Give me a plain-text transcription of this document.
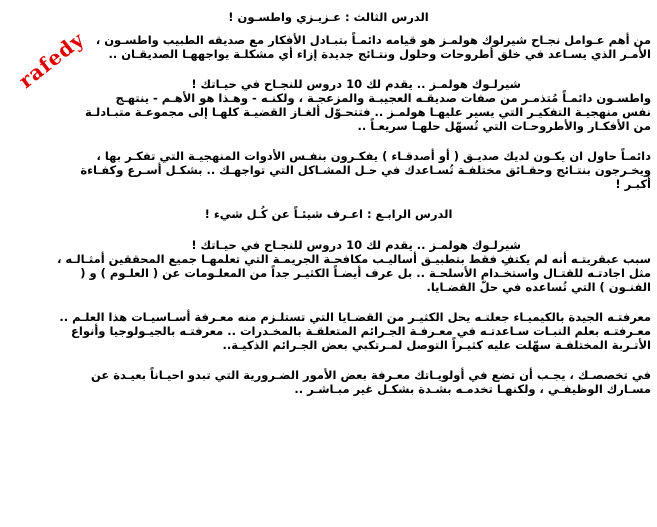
rafedy
الدرس الثالث : عـزيـزي واطسـون !
من أهم عـوامل نجـاح شيرلوك هولمـز هو قيامه دائمـاً بتبـادل الأفكار مع صديقه الطبيب واطسـون ،
الأمـر الذي يسـاعد في خلق أطروحات وحلول ونتـائج جديدة إزاء أي مشكلـة يواجههـا الصديقـان ..
شيرلـوك هولمـز .. يقدم لك 10 دروس للنجـاح في حيـاتك !
واطسـون دائمـاً مُتذمـر من صفات صديقـه العجيبـة والمزعجـة ، ولكنـه - وهـذا هو الأهـم - ينتهـج
نفس منهجيـة التفكيـر التي يسير عليهـا هولمـز .. فتتحـوّل ألغـاز القضيـة كلهـا إلى مجموعـة متبـادلـة
من الأفكـار والأطروحـات التي تُسهّل حلهـا سريعـاً ..
دائمـاً حاول ان يكـون لديك صديـق ( أو أصدقـاء ) يفكـرون بنفـس الأدوات المنهجيـة التي تفكـر بها ،
ويخـرجون بنتـائج وحقـائق مختلفـة تُسـاعدك في حـل المشـاكل التي تواجهـك .. بشكـل أسـرع وكفـاءة
أكبـر !
الدرس الرابـع : اعـرف شيئـاً عن كُـل شيء !
شيرلـوك هولمـز .. يقدم لك 10 دروس للنجـاح في حيـاتك !
سبب عبقريتـه أنه لم يكتفِ فقط بتطبيـق أساليـب مكافحـة الجريمـة التي تعلمهـا جميع المحققين أمثـالـه ،
مثل اجادتـه للقتـال واستخـدام الأسلحـة .. بل عرف أيضـاً الكثيـر جداً من المعلـومات عن ( العلـوم ) و (
الفنـون ) التي تُساعده في حلّ القضـايا.
معرفتـه الجيدة بالكيميـاء جعلتـه يحل الكثيـر من القضـايا التي تستلـزم منه معـرفة أسـاسيـات هذا العلـم ..
معـرفتـه بعلم النبـات سـاعدتـه في معـرفـة الجـرائم المتعلقـة بالمخـدرات .. معرفتـه بالجيـولوجيا وأنواع
الأتـربة المختلفـة سهّلت عليه كثيـراً التوصل لمـرتكبي بعض الجـرائم الذكيـة..
في تخصصـك ، يجـب أن تضع في أولويـاتك معـرفة بعض الأمور الضـرورية التي تبدو احيـاناً بعيـدة عن
مسـارك الوظيفـي ، ولكنهـا تخدمـه بشـدة بشكـل غير مبـاشـر ..
